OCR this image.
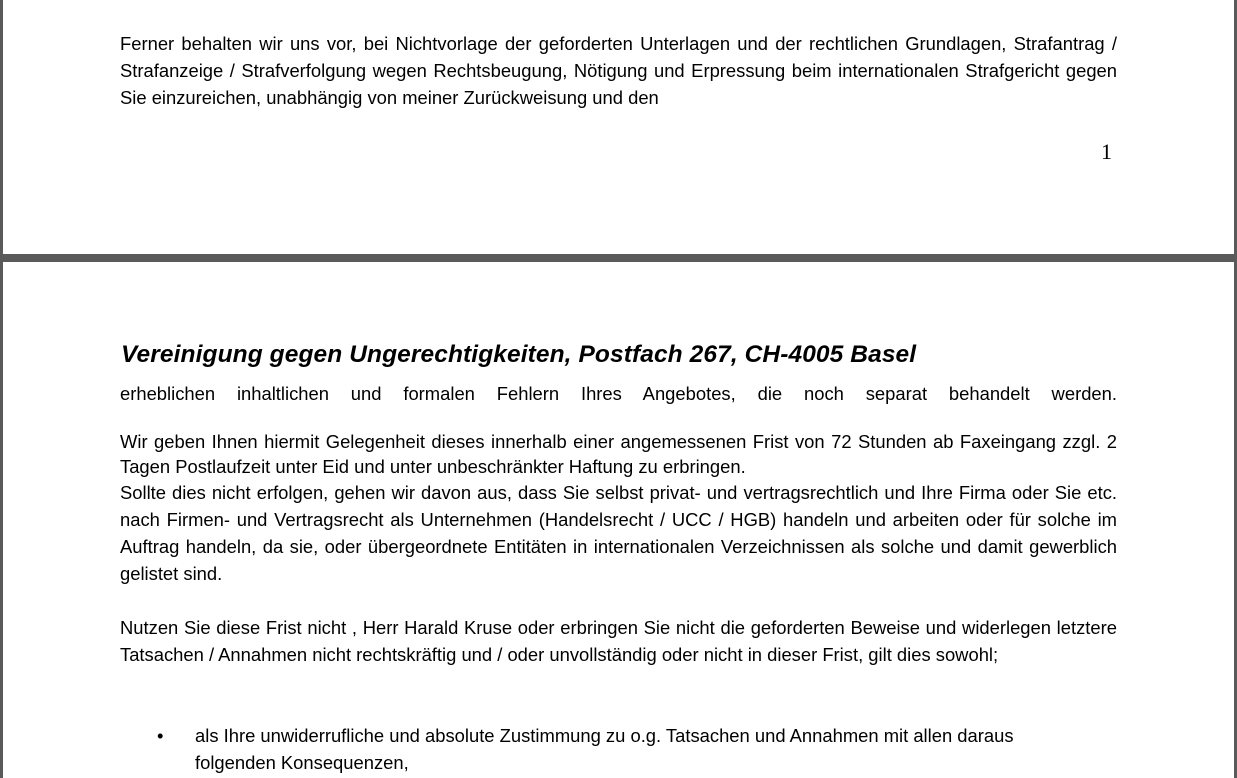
Ferner behalten wir uns vor, bei Nichtvorlage der geforderten Unterlagen und der rechtlichen Grundlagen, Strafantrag / Strafanzeige / Strafverfolgung wegen Rechtsbeugung, Nötigung und Erpressung beim internationalen Strafgericht gegen Sie einzureichen, unabhängig von meiner Zurückweisung und den

1
Vereinigung gegen Ungerechtigkeiten, Postfach 267, CH-4005 Basel

erheblichen inhaltlichen und formalen Fehlern Ihres Angebotes, die noch separat behandelt werden.

Wir geben Ihnen hiermit Gelegenheit dieses innerhalb einer angemessenen Frist von 72 Stunden ab Faxeingang zzgl. 2 Tagen Postlaufzeit unter Eid und unter unbeschränkter Haftung zu erbringen.

Sollte dies nicht erfolgen, gehen wir davon aus, dass Sie selbst privat- und vertragsrechtlich und Ihre Firma oder Sie etc. nach Firmen- und Vertragsrecht als Unternehmen (Handelsrecht / UCC / HGB) handeln und arbeiten oder für solche im Auftrag handeln, da sie, oder übergeordnete Entitäten in internationalen Verzeichnissen als solche und damit gewerblich gelistet sind.

Nutzen Sie diese Frist nicht , Herr Harald Kruse oder erbringen Sie nicht die geforderten Beweise und widerlegen letztere Tatsachen / Annahmen nicht rechtskräftig und / oder unvollständig oder nicht in dieser Frist, gilt dies sowohl;

• als Ihre unwiderrufliche und absolute Zustimmung zu o.g. Tatsachen und Annahmen mit allen daraus folgenden Konsequenzen,
